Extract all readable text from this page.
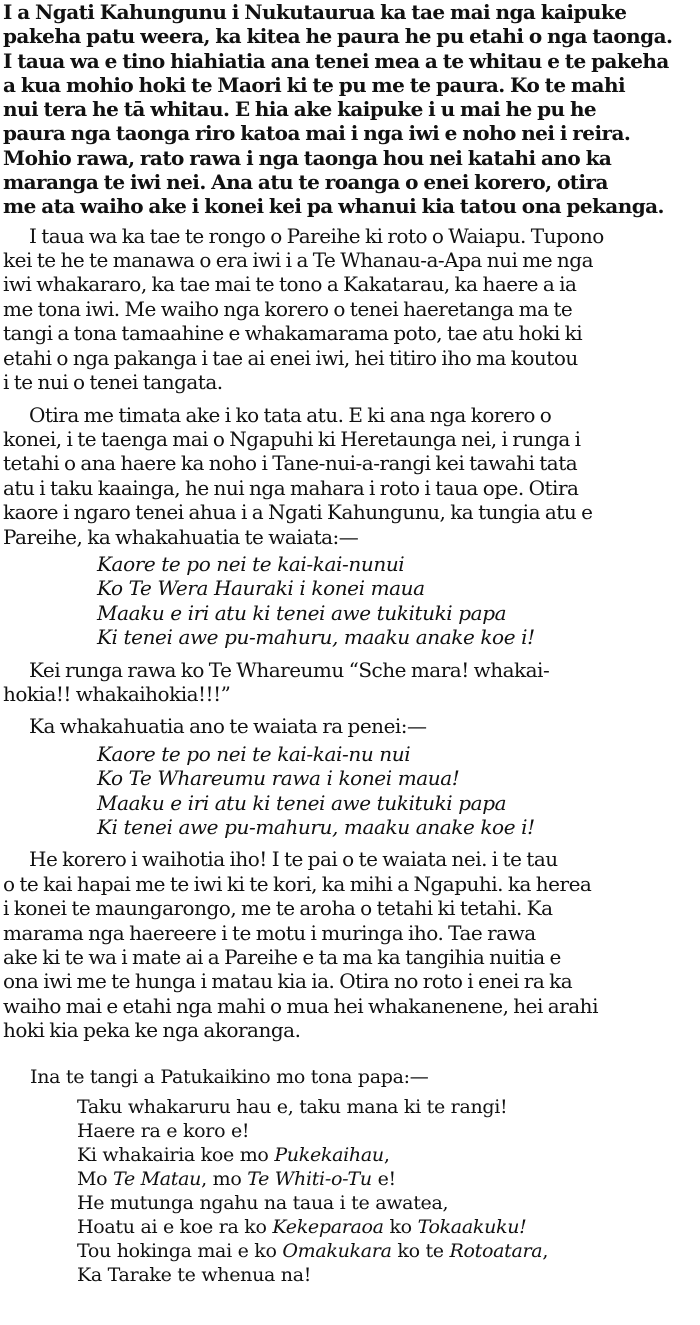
I a Ngati Kahungunu i Nukutaurua ka tae mai nga kaipuke
pakeha patu weera, ka kitea he paura he pu etahi o nga taonga.
I taua wa e tino hiahiatia ana tenei mea a te whitau e te pakeha
a kua mohio hoki te Maori ki te pu me te paura. Ko te mahi
nui tera he tā whitau. E hia ake kaipuke i u mai he pu he
paura nga taonga riro katoa mai i nga iwi e noho nei i reira.
Mohio rawa, rato rawa i nga taonga hou nei katahi ano ka
maranga te iwi nei. Ana atu te roanga o enei korero, otira
me ata waiho ake i konei kei pa whanui kia tatou ona pekanga.
I taua wa ka tae te rongo o Pareihe ki roto o Waiapu. Tupono
kei te he te manawa o era iwi i a Te Whanau-a-Apa nui me nga
iwi whakararo, ka tae mai te tono a Kakatarau, ka haere a ia
me tona iwi. Me waiho nga korero o tenei haeretanga ma te
tangi a tona tamaahine e whakamarama poto, tae atu hoki ki
etahi o nga pakanga i tae ai enei iwi, hei titiro iho ma koutou
i te nui o tenei tangata.
Otira me timata ake i ko tata atu. E ki ana nga korero o
konei, i te taenga mai o Ngapuhi ki Heretaunga nei, i runga i
tetahi o ana haere ka noho i Tane-nui-a-rangi kei tawahi tata
atu i taku kaainga, he nui nga mahara i roto i taua ope. Otira
kaore i ngaro tenei ahua i a Ngati Kahungunu, ka tungia atu e
Pareihe, ka whakahuatia te waiata:—
Kaore te po nei te kai-kai-nunui
Ko Te Wera Hauraki i konei maua
Maaku e iri atu ki tenei awe tukituki papa
Ki tenei awe pu-mahuru, maaku anake koe i!
Kei runga rawa ko Te Whareumu “Sche mara! whakai-
hokia!! whakaihokia!!!”
Ka whakahuatia ano te waiata ra penei:—
Kaore te po nei te kai-kai-nu nui
Ko Te Whareumu rawa i konei maua!
Maaku e iri atu ki tenei awe tukituki papa
Ki tenei awe pu-mahuru, maaku anake koe i!
He korero i waihotia iho! I te pai o te waiata nei. i te tau
o te kai hapai me te iwi ki te kori, ka mihi a Ngapuhi. ka herea
i konei te maungarongo, me te aroha o tetahi ki tetahi. Ka
marama nga haereere i te motu i muringa iho. Tae rawa
ake ki te wa i mate ai a Pareihe e ta ma ka tangihia nuitia e
ona iwi me te hunga i matau kia ia. Otira no roto i enei ra ka
waiho mai e etahi nga mahi o mua hei whakanenene, hei arahi
hoki kia peka ke nga akoranga.
Ina te tangi a Patukaikino mo tona papa:—
Taku whakaruru hau e, taku mana ki te rangi!
Haere ra e koro e!
Ki whakairia koe mo Pukekaihau,
Mo Te Matau, mo Te Whiti-o-Tu e!
He mutunga ngahu na taua i te awatea,
Hoatu ai e koe ra ko Kekeparaoa ko Tokaakuku!
Tou hokinga mai e ko Omakukara ko te Rotoatara,
Ka Tarake te whenua na!
